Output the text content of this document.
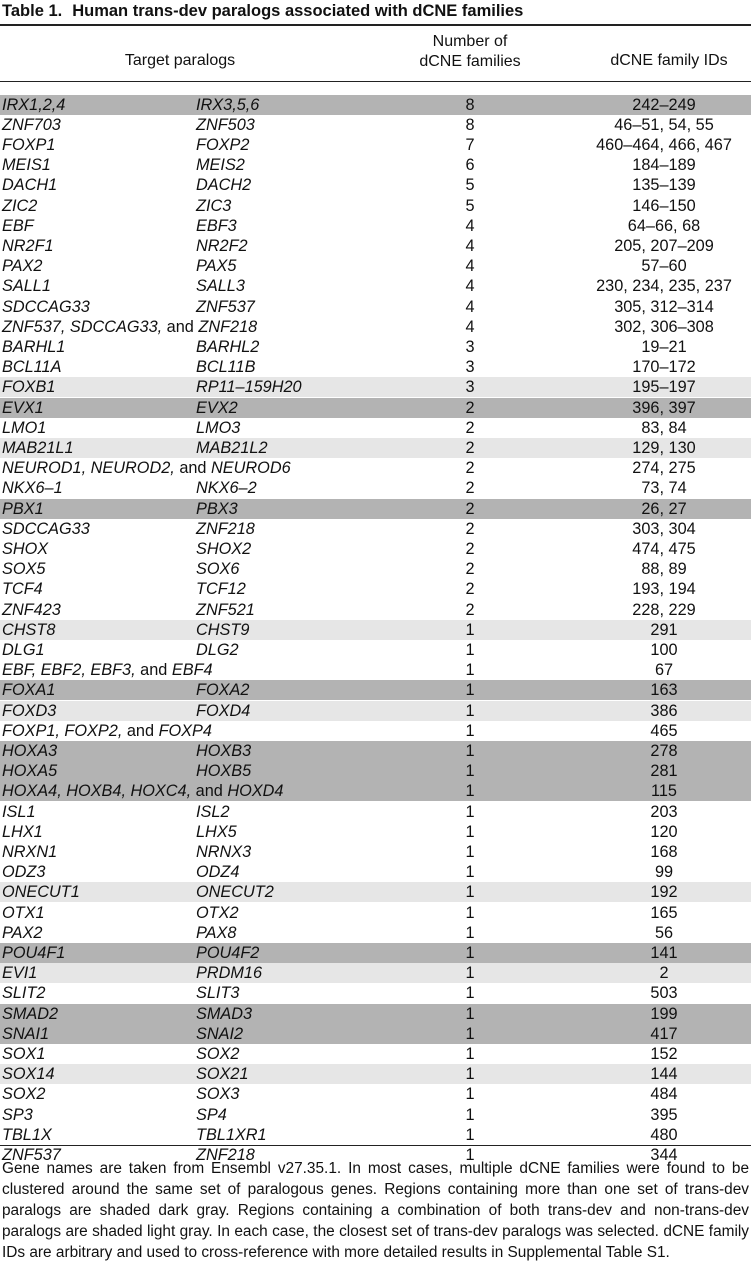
Table 1. Human trans-dev paralogs associated with dCNE families
Target paralogs
Number of
dCNE families	dCNE family IDs
IRX1,2,4	IRX3,5,6	8	242–249
ZNF703	ZNF503	8	46–51, 54, 55
FOXP1	FOXP2	7	460–464, 466, 467
MEIS1	MEIS2	6	184–189
DACH1	DACH2	5	135–139
ZIC2	ZIC3	5	146–150
EBF	EBF3	4	64–66, 68
NR2F1	NR2F2	4	205, 207–209
PAX2	PAX5	4	57–60
SALL1	SALL3	4	230, 234, 235, 237
SDCCAG33	ZNF537	4	305, 312–314
ZNF537, SDCCAG33, and ZNF218	4	302, 306–308
BARHL1	BARHL2	3	19–21
BCL11A	BCL11B	3	170–172
FOXB1	RP11–159H20	3	195–197
EVX1	EVX2	2	396, 397
LMO1	LMO3	2	83, 84
MAB21L1	MAB21L2	2	129, 130
NEUROD1, NEUROD2, and NEUROD6	2	274, 275
NKX6–1	NKX6–2	2	73, 74
PBX1	PBX3	2	26, 27
SDCCAG33	ZNF218	2	303, 304
SHOX	SHOX2	2	474, 475
SOX5	SOX6	2	88, 89
TCF4	TCF12	2	193, 194
ZNF423	ZNF521	2	228, 229
CHST8	CHST9	1	291
DLG1	DLG2	1	100
EBF, EBF2, EBF3, and EBF4	1	67
FOXA1	FOXA2	1	163
FOXD3	FOXD4	1	386
FOXP1, FOXP2, and FOXP4	1	465
HOXA3	HOXB3	1	278
HOXA5	HOXB5	1	281
HOXA4, HOXB4, HOXC4, and HOXD4	1	115
ISL1	ISL2	1	203
LHX1	LHX5	1	120
NRXN1	NRNX3	1	168
ODZ3	ODZ4	1	99
ONECUT1	ONECUT2	1	192
OTX1	OTX2	1	165
PAX2	PAX8	1	56
POU4F1	POU4F2	1	141
EVI1	PRDM16	1	2
SLIT2	SLIT3	1	503
SMAD2	SMAD3	1	199
SNAI1	SNAI2	1	417
SOX1	SOX2	1	152
SOX14	SOX21	1	144
SOX2	SOX3	1	484
SP3	SP4	1	395
TBL1X	TBL1XR1	1	480
ZNF537	ZNF218	1	344
Gene names are taken from Ensembl v27.35.1. In most cases, multiple dCNE families were found to be clustered around the same set of paralogous genes. Regions containing more than one set of trans-dev paralogs are shaded dark gray. Regions containing a combination of both trans-dev and non-trans-dev paralogs are shaded light gray. In each case, the closest set of trans-dev paralogs was selected. dCNE family IDs are arbitrary and used to cross-reference with more detailed results in Supplemental Table S1.
